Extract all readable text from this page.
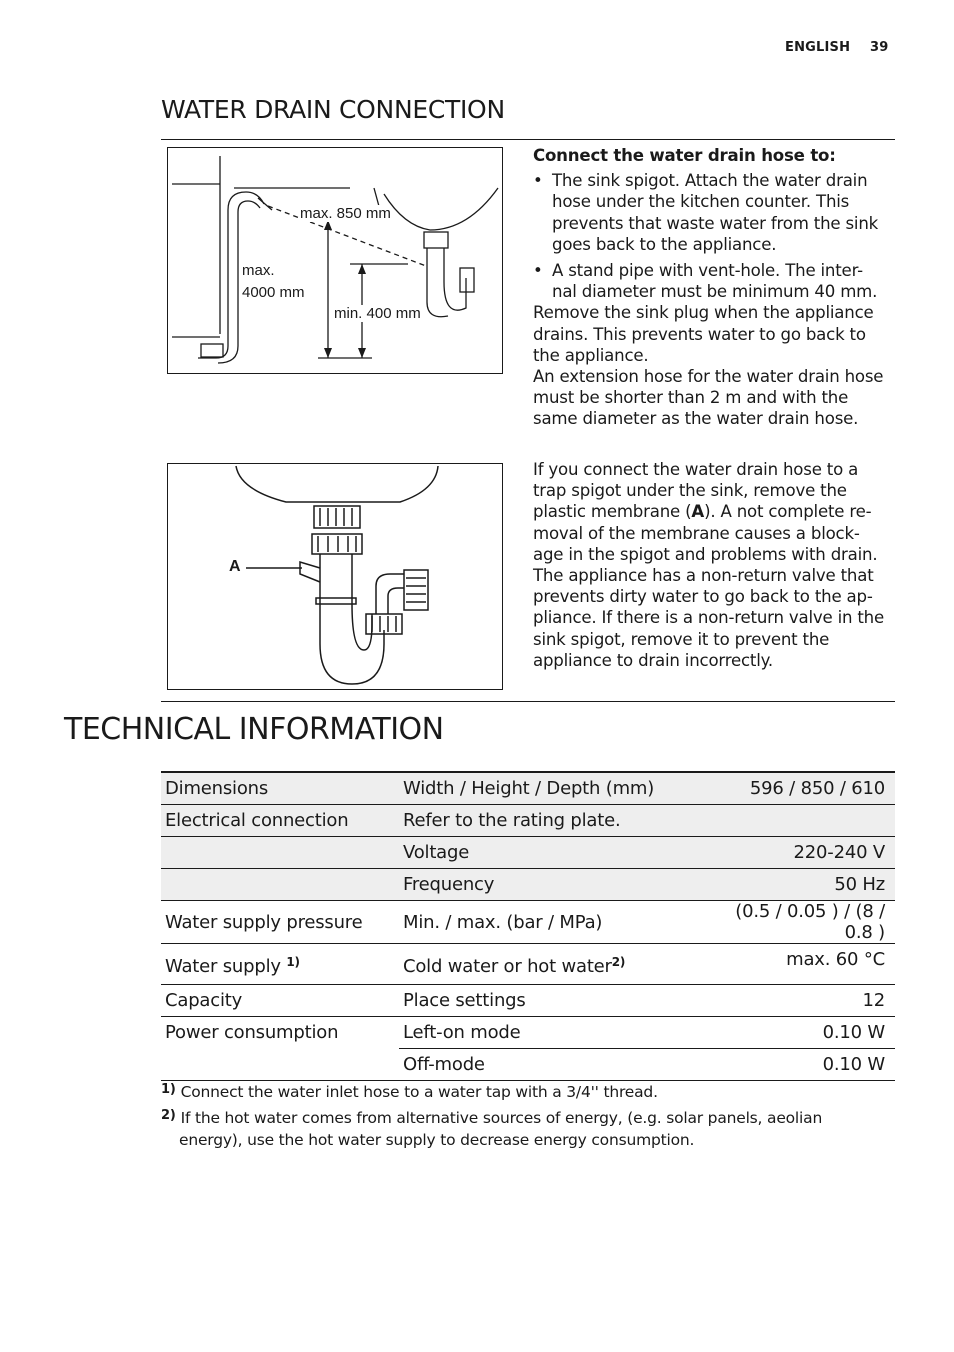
ENGLISH 39
WATER DRAIN CONNECTION
max. 850 mm
max.
4000 mm
min. 400 mm

Connect the water drain hose to:

• The sink spigot. Attach the water drain hose under the kitchen counter. This prevents that waste water from the sink goes back to the appliance.
• A stand pipe with vent-hole. The inter- nal diameter must be minimum 40 mm.

Remove the sink plug when the appliance drains. This prevents water to go back to the appliance.

An extension hose for the water drain hose must be shorter than 2 m and with the same diameter as the water drain hose.

A

If you connect the water drain hose to a trap spigot under the sink, remove the plastic membrane (A). A not complete re- moval of the membrane causes a block- age in the spigot and problems with drain.

The appliance has a non-return valve that prevents dirty water to go back to the ap- pliance. If there is a non-return valve in the sink spigot, remove it to prevent the appliance to drain incorrectly.

TECHNICAL INFORMATION
Dimensions	Width / Height / Depth (mm)	596 / 850 / 610
Electrical connection	Refer to the rating plate.	
	Voltage	220-240 V
	Frequency	50 Hz
Water supply pressure	Min. / max. (bar / MPa)	(0.5 / 0.05 ) / (8 / 0.8 )
Water supply $^{1)}$	Cold water or hot water$^{2)}$	max. 60 °C
Capacity	Place settings	12
Power consumption	Left-on mode	0.10 W
	Off-mode	0.10 W
$^{1)}$ Connect the water inlet hose to a water tap with a 3/4'' thread.
$^{2)}$ If the hot water comes from alternative sources of energy, (e.g. solar panels, aeolian
energy), use the hot water supply to decrease energy consumption.
